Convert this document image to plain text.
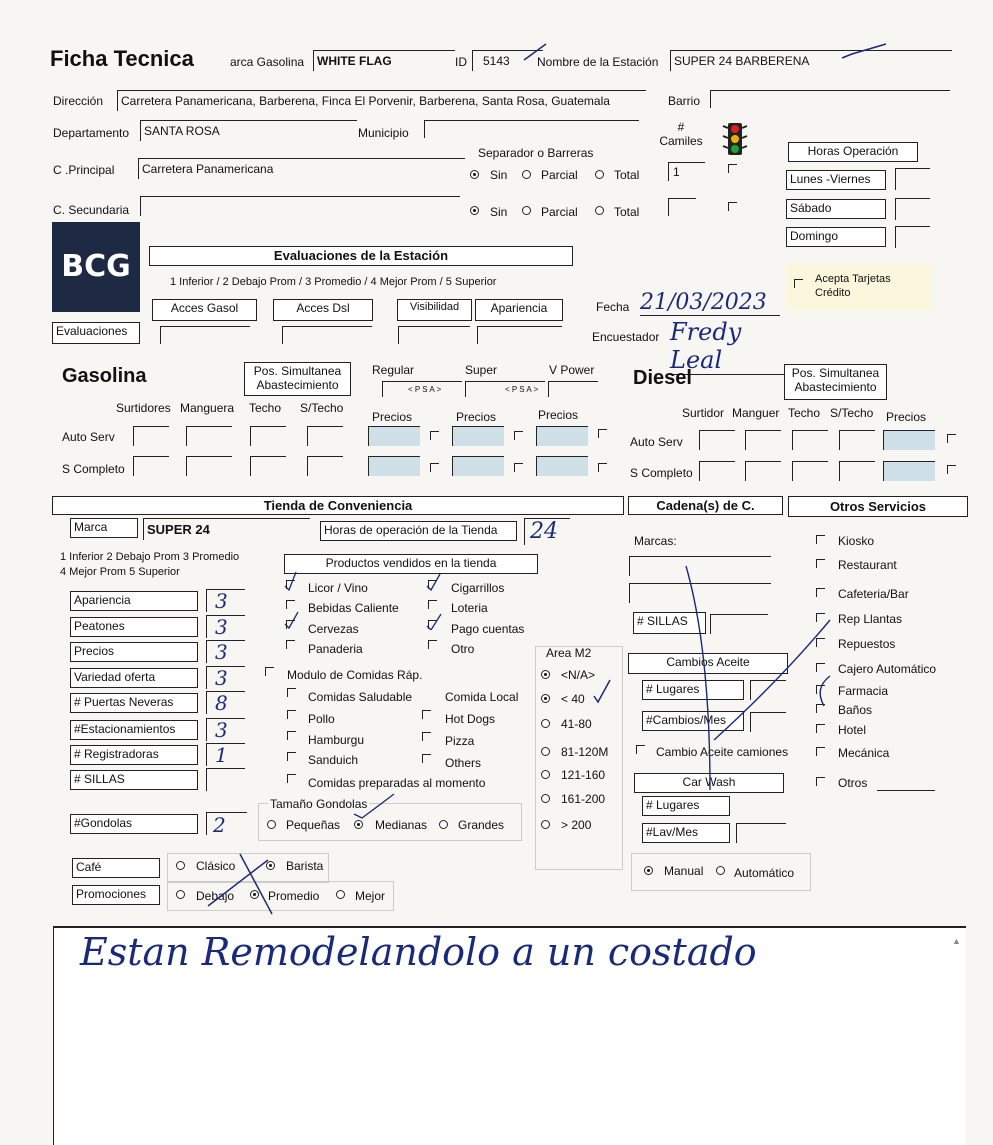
Ficha Tecnica	arca Gasolina	WHITE FLAG	ID	5143	Nombre de la Estación	SUPER 24 BARBERENA
Dirección	Carretera Panamericana, Barberena, Finca El Porvenir, Barberena, Santa Rosa, Guatemala	Barrio
Departamento	SANTA ROSA	Municipio
C .Principal	Carretera Panamericana
C. Secundaria
Separador o Barreras
Sin	Parcial	Total
Sin	Parcial	Total
#
Camiles
1
Horas Operación
Lunes -Viernes
Sábado
Domingo
BCG	Evaluaciones de la Estación
1 Inferior / 2 Debajo Prom / 3 Promedio / 4 Mejor Prom / 5 Superior
Acces Gasol	Acces Dsl	Visibilidad	Apariencia
Evaluaciones
Acepta Tarjetas
Crédito
Fecha 21/03/2023
Encuestador Fredy Leal
Gasolina	Pos. Simultanea
Abastecimiento
Regular	Super	V Power
< P S A >	< P S A >
Surtidores Manguera Techo S/Techo
Precios	Precios	Precios
Auto Serv
S Completo
Diesel	Pos. Simultanea
Abastecimiento
Surtidor Manguer Techo S/Techo Precios
Auto Serv
S Completo
Tienda de Conveniencia	Cadena(s) de C.	Otros Servicios
Marca	SUPER 24	Horas de operación de la Tienda	24
1 Inferior 2 Debajo Prom 3 Promedio
4 Mejor Prom 5 Superior
Productos vendidos en la tienda
Apariencia	3
Peatones	3
Precios	3
Variedad oferta	3
# Puertas Neveras	8
#Estacionamientos	3
# Registradoras	1
# SILLAS
#Gondolas	2
Licor / Vino
Bebidas Caliente
Cervezas
Panaderia
Cigarrillos
Loteria
Pago cuentas
Otro
Modulo de Comidas Ráp.
Comida Local
Comidas Saludable
Pollo
Hamburgu
Sanduich
Comidas preparadas al momento
Hot Dogs
Pizza
Others
Tamaño Gondolas
Pequeñas	Medianas	Grandes
Café	Clásico	Barista
Promociones	Debajo	Promedio	Mejor
Area M2
<N/A>
< 40
41-80
81-120M
121-160
161-200
> 200
Marcas:
# SILLAS
Cambios Aceite
# Lugares
#Cambios/Mes
Cambio Aceite camiones
Car Wash
# Lugares
#Lav/Mes
Manual	Automático
Kiosko
Restaurant
Cafeteria/Bar
Rep Llantas
Repuestos
Cajero Automático
Farmacia
Baños
Hotel
Mecánica
Otros
Estan Remodelandolo a un costado	▲
